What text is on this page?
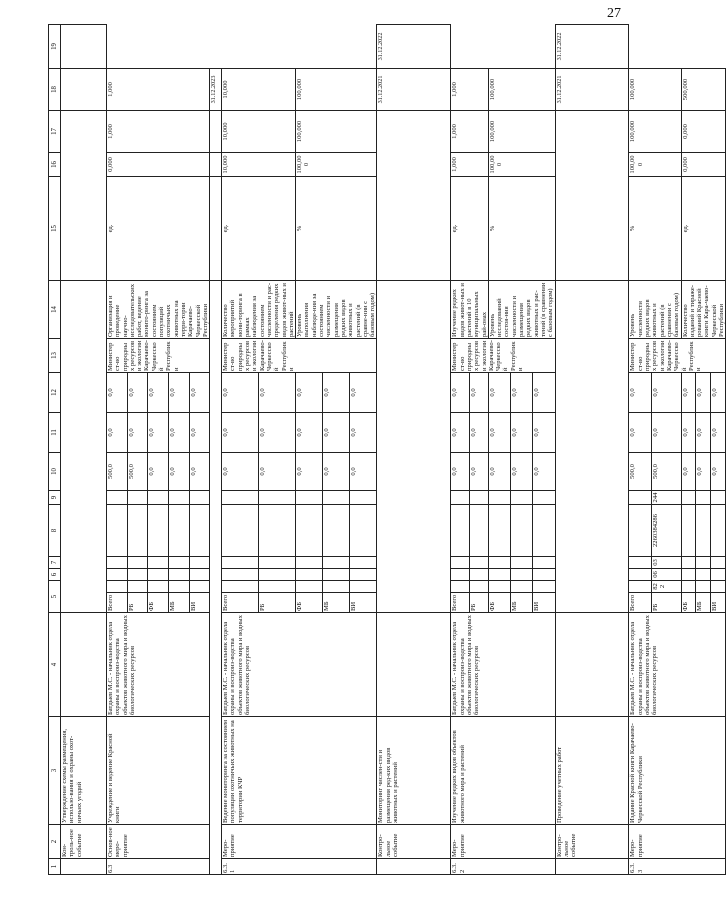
27
1	2	3	4	5		6	7	8	9	10	11	12	13	14	15	16	17	18	19	
	Кон-троль-ное событие	Утверждение схемы размещения, использо-вания и охраны охот-ничьих угодий																		
6.3	Основ-ное меро-приятие	Учреждение и ведение Красной книги	Батдыев М.С. - начальник отдела охраны и воспроиз-водства объектов животного мира и водных биологических ресурсов	Всего						500,0	0,0	0,0	Министерст-во природных ресурсов и экологии Карачаево-Черкесской Республики	Организация и проведение научно-исследовательских работ, ведение монито-ринга за состоянием популяций охотничьих животных на терри-тории Карачаево-Черкесской Республики	ед.	0,000	1,000	1,000		
				РБ						500,0	0,0	0,0								
				ФБ						0,0	0,0	0,0								
				МБ						0,0	0,0	0,0								
				ВИ						0,0	0,0	0,0								
																		31.12.2023		
6.3.1	Меро-приятие	Ведение мониторинга за состоянием популяции охотничьих животных на территории КЧР	Батдыев М.С. - начальник отдела охраны и воспроиз-водства объектов животного мира и водных биологических ресурсов	Всего						0,0	0,0	0,0	Министерст-во природных ресурсов и экологии Карачаево-Черкесской Республики	Количество мероприятий мони-торинга в рамках наблюдения за состоянием численности и рас-пределения редких видов живот-ных и растений	ед.	10,000	10,000	10,000		
				РБ						0,0	0,0	0,0								
				ФБ						0,0	0,0	0,0		Уровень выполнения наблюде-ния за состоянием численности и размещения редких видов животных и растений (в сравне-нии с базовым годом)	%	100,000	100,000	100,000		
				МБ						0,0	0,0	0,0								
				ВИ						0,0	0,0	0,0								
	Контро-льное событие	Мониторинг числен-сти и размещения ред-ких видов животных и растений																31.12.2021	31.12.2022	
6.3.2	Меро-приятие	Изучение редких видов объектов животного мира и растений	Батдыев М.С. - начальник отдела охраны и воспроиз-водства объектов животного мира и водных биологических ресурсов	Всего						0,0	0,0	0,0	Министерст-во природных ресурсов и экологии Карачаево-Черкесской Республики	Изучение редких видов живот-ных и растений в 10 муниципальных рай-онах	ед.	1,000	1,000	1,000		
				РБ						0,0	0,0	0,0								
				ФБ						0,0	0,0	0,0		Уровень исследований состоя-ния численности и размещения редких видов животных и рас-тений (в сравнении с базовым годом)	%	100,000	100,000	100,000		
				МБ						0,0	0,0	0,0								
				ВИ						0,0	0,0	0,0								
	Контро-льное событие	Проведение учетных работ																31.12.2021	31.12.2022	
6.3.3	Меро-приятие	Издание Красной книги Карачаево-Черкесской Республики	Батдыев М.С. - начальник отдела охраны и воспроиз-водства объектов животного мира и водных биологических ресурсов	Всего						500,0	0,0	0,0	Министерст-во природных ресурсов и экологии Карачаево-Черкесской Республики	Уровень численности редких видов животных и растений (в сравнении с базовым годом)	%	100,000	100,000	100,000		
				РБ	822	06	03	2260384286	244	500,0	0,0	0,0								
				ФБ						0,0	0,0	0,0		Количество изданий и тираже-рований Красной книги Кара-чаево-Черкесской Республики	ед.	0,000	0,000	500,000		
				МБ						0,0	0,0	0,0								
				ВИ						0,0	0,0	0,0								
